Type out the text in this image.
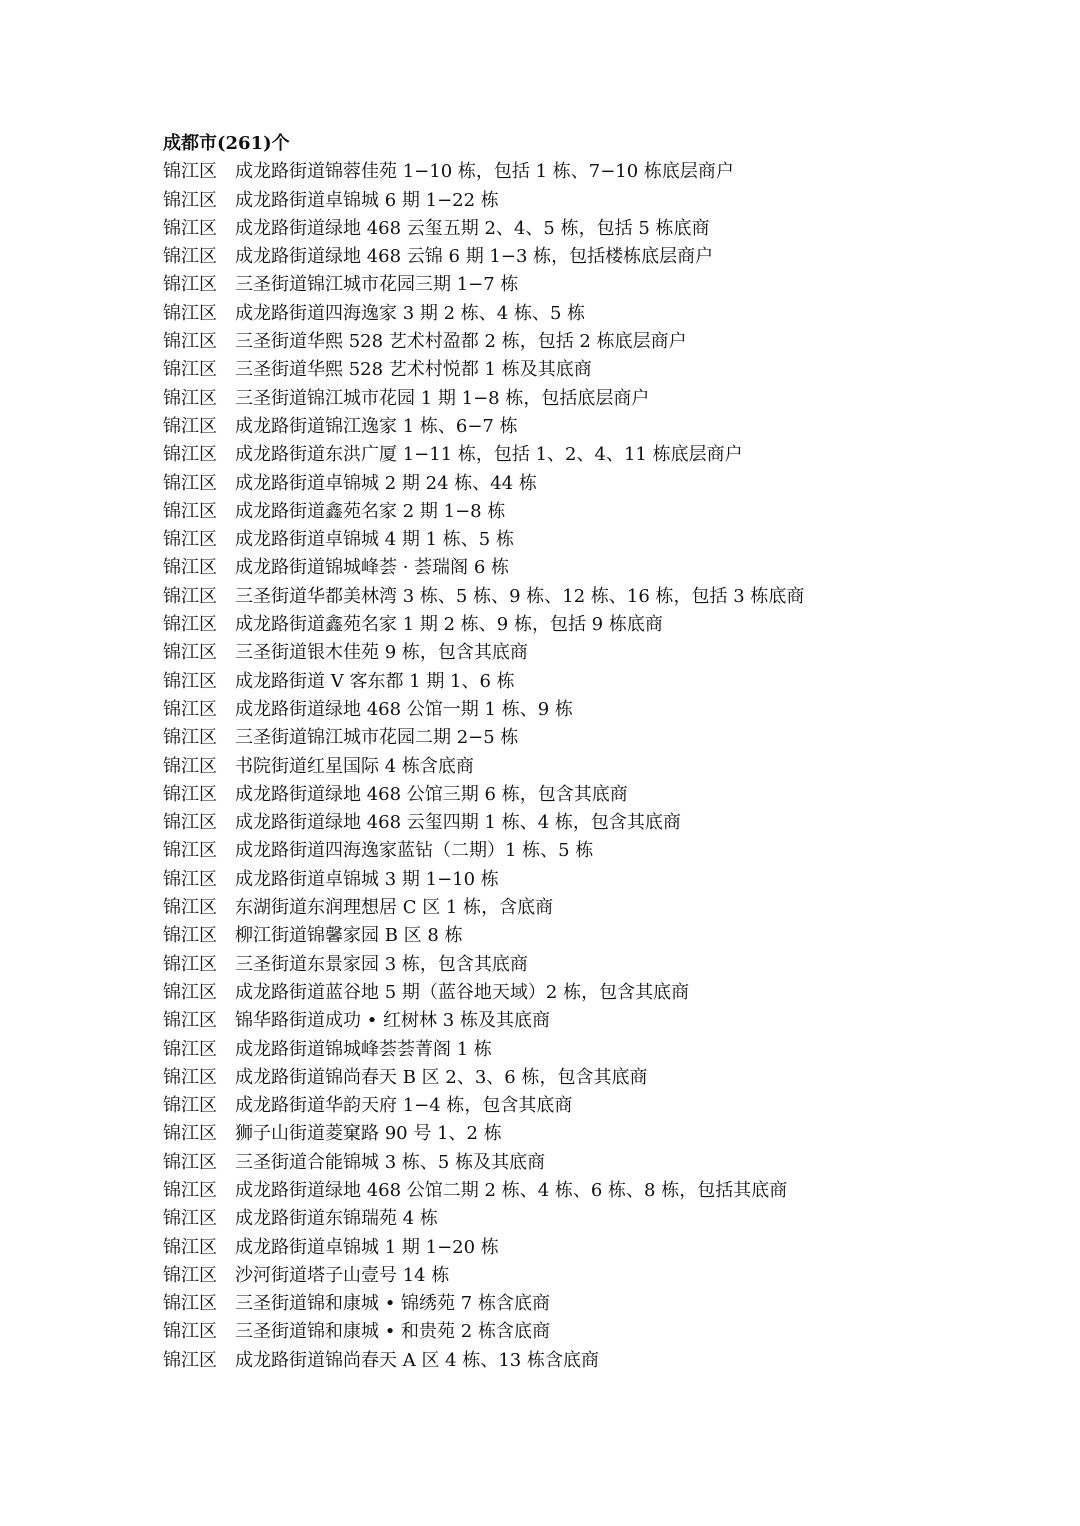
成都市(261)个
锦江区 成龙路街道锦蓉佳苑 1−10 栋，包括 1 栋、7−10 栋底层商户
锦江区 成龙路街道卓锦城 6 期 1−22 栋
锦江区 成龙路街道绿地 468 云玺五期 2、4、5 栋，包括 5 栋底商
锦江区 成龙路街道绿地 468 云锦 6 期 1−3 栋，包括楼栋底层商户
锦江区 三圣街道锦江城市花园三期 1−7 栋
锦江区 成龙路街道四海逸家 3 期 2 栋、4 栋、5 栋
锦江区 三圣街道华熙 528 艺术村盈都 2 栋，包括 2 栋底层商户
锦江区 三圣街道华熙 528 艺术村悦都 1 栋及其底商
锦江区 三圣街道锦江城市花园 1 期 1−8 栋，包括底层商户
锦江区 成龙路街道锦江逸家 1 栋、6−7 栋
锦江区 成龙路街道东洪广厦 1−11 栋，包括 1、2、4、11 栋底层商户
锦江区 成龙路街道卓锦城 2 期 24 栋、44 栋
锦江区 成龙路街道鑫苑名家 2 期 1−8 栋
锦江区 成龙路街道卓锦城 4 期 1 栋、5 栋
锦江区 成龙路街道锦城峰荟 · 荟瑞阁 6 栋
锦江区 三圣街道华都美林湾 3 栋、5 栋、9 栋、12 栋、16 栋，包括 3 栋底商
锦江区 成龙路街道鑫苑名家 1 期 2 栋、9 栋，包括 9 栋底商
锦江区 三圣街道银木佳苑 9 栋，包含其底商
锦江区 成龙路街道 V 客东都 1 期 1、6 栋
锦江区 成龙路街道绿地 468 公馆一期 1 栋、9 栋
锦江区 三圣街道锦江城市花园二期 2−5 栋
锦江区 书院街道红星国际 4 栋含底商
锦江区 成龙路街道绿地 468 公馆三期 6 栋，包含其底商
锦江区 成龙路街道绿地 468 云玺四期 1 栋、4 栋，包含其底商
锦江区 成龙路街道四海逸家蓝钻（二期）1 栋、5 栋
锦江区 成龙路街道卓锦城 3 期 1−10 栋
锦江区 东湖街道东润理想居 C 区 1 栋，含底商
锦江区 柳江街道锦馨家园 B 区 8 栋
锦江区 三圣街道东景家园 3 栋，包含其底商
锦江区 成龙路街道蓝谷地 5 期（蓝谷地天域）2 栋，包含其底商
锦江区 锦华路街道成功 • 红树林 3 栋及其底商
锦江区 成龙路街道锦城峰荟荟菁阁 1 栋
锦江区 成龙路街道锦尚春天 B 区 2、3、6 栋，包含其底商
锦江区 成龙路街道华韵天府 1−4 栋，包含其底商
锦江区 狮子山街道菱窠路 90 号 1、2 栋
锦江区 三圣街道合能锦城 3 栋、5 栋及其底商
锦江区 成龙路街道绿地 468 公馆二期 2 栋、4 栋、6 栋、8 栋，包括其底商
锦江区 成龙路街道东锦瑞苑 4 栋
锦江区 成龙路街道卓锦城 1 期 1−20 栋
锦江区 沙河街道塔子山壹号 14 栋
锦江区 三圣街道锦和康城 • 锦绣苑 7 栋含底商
锦江区 三圣街道锦和康城 • 和贵苑 2 栋含底商
锦江区 成龙路街道锦尚春天 A 区 4 栋、13 栋含底商
